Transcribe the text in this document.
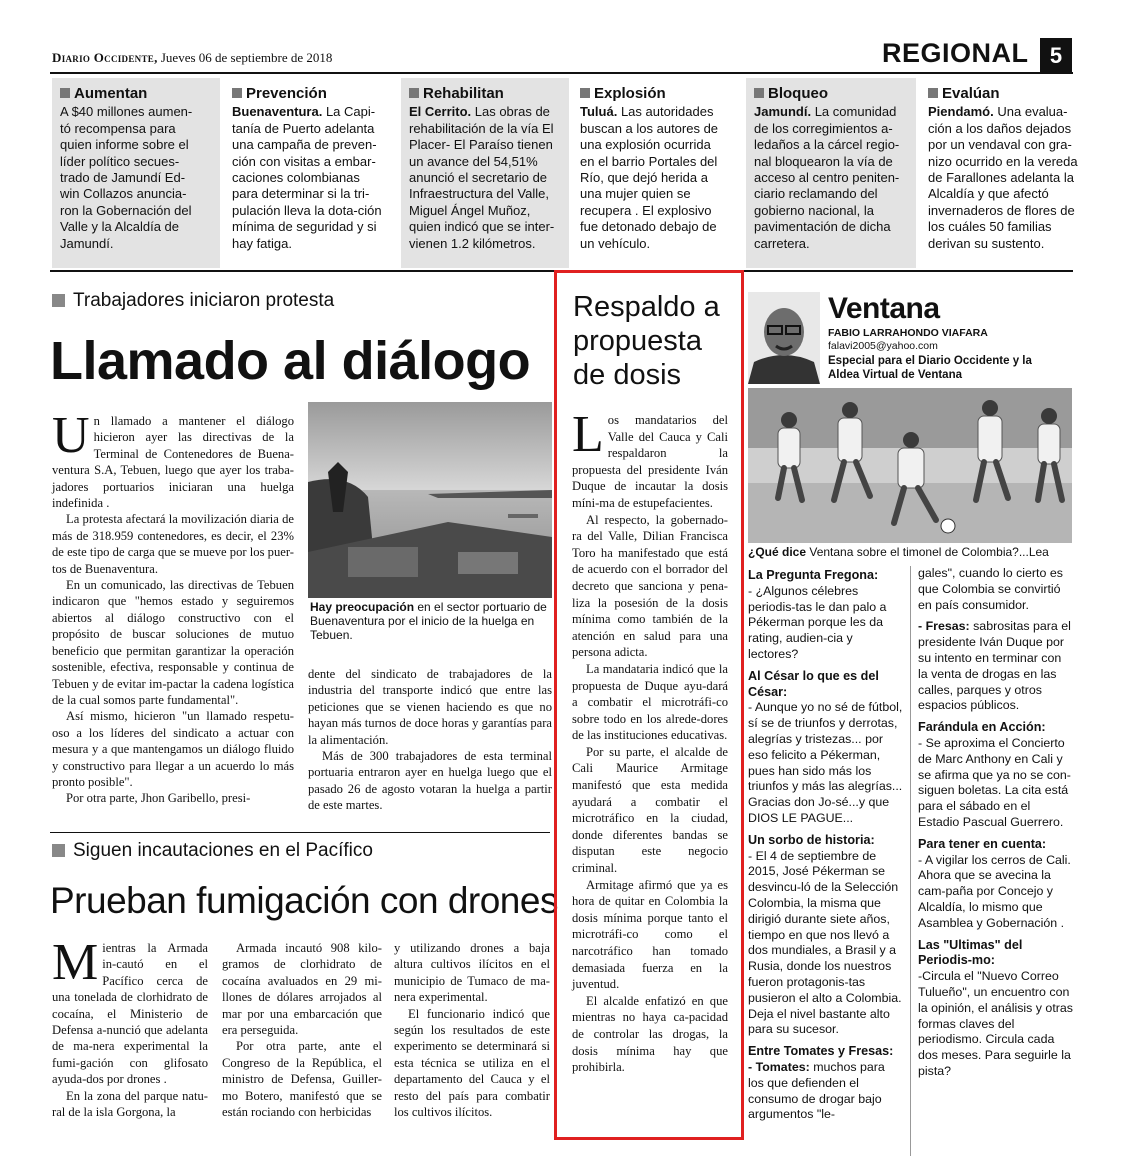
Diario Occidente, Jueves 06 de septiembre de 2018	REGIONAL 5
Aumentan
A $40 millones aumen-
tó recompensa para
quien informe sobre el
líder político secues-
trado de Jamundí Ed-
win Collazos anuncia-
ron la Gobernación del
Valle y la Alcaldía de
Jamundí.
Prevención
Buenaventura. La Capi-
tanía de Puerto adelanta
una campaña de preven-
ción con visitas a embar-
caciones colombianas
para determinar si la tri-
pulación lleva la dota-ción
mínima de seguridad y si
hay fatiga.
Rehabilitan
El Cerrito. Las obras de
rehabilitación de la vía El
Placer- El Paraíso tienen
un avance del 54,51%
anunció el secretario de
Infraestructura del Valle,
Miguel Ángel Muñoz,
quien indicó que se inter-
vienen 1.2 kilómetros.
Explosión
Tuluá. Las autoridades
buscan a los autores de
una explosión ocurrida
en el barrio Portales del
Río, que dejó herida a
una mujer quien se
recupera . El explosivo
fue detonado debajo de
un vehículo.
Bloqueo
Jamundí. La comunidad
de los corregimientos a-
ledaños a la cárcel regio-
nal bloquearon la vía de
acceso al centro peniten-
ciario reclamando del
gobierno nacional, la
pavimentación de dicha
carretera.
Evalúan
Piendamó. Una evalua-
ción a los daños dejados
por un vendaval con gra-
nizo ocurrido en la vereda
de Farallones adelanta la
Alcaldía y que afectó
invernaderos de flores de
los cuáles 50 familias
derivan su sustento.
Trabajadores iniciaron protesta
Llamado al diálogo
U n llamado a mantener el diálogo hicieron ayer las directivas de la Terminal de Contenedores de Buena-ventura S.A, Tebuen, luego que ayer los traba-jadores portuarios iniciaran una huelga indefinida .

La protesta afectará la movilización diaria de más de 318.959 contenedores, es decir, el 23% de este tipo de carga que se mueve por los puer-tos de Buenaventura.

En un comunicado, las directivas de Tebuen indicaron que "hemos estado y seguiremos abiertos al diálogo constructivo con el propósito de buscar soluciones de mutuo beneficio que permitan garantizar la operación sostenible, efectiva, responsable y continua de Tebuen y de evitar im-pactar la cadena logística de la cual somos parte fundamental".

Así mismo, hicieron "un llamado respetu-oso a los líderes del sindicato a actuar con mesura y a que mantengamos un diálogo fluido y constructivo para llegar a un acuerdo lo más pronto posible".

Por otra parte, Jhon Garibello, presi-

Hay preocupación en el sector portuario de Buenaventura por el inicio de la huelga en Tebuen.

dente del sindicato de trabajadores de la industria del transporte indicó que entre las peticiones que se vienen haciendo es que no hayan más turnos de doce horas y garantías para la alimentación.

Más de 300 trabajadores de esta terminal portuaria entraron ayer en huelga luego que el pasado 26 de agosto votaran la huelga a partir de este martes.

Siguen incautaciones en el Pacífico
Prueban fumigación con drones
M ientras la Armada in-cautó en el Pacífico cerca de una tonelada de clorhidrato de cocaína, el Ministerio de Defensa a-nunció que adelanta de ma-nera experimental la fumi-gación con glifosato ayuda-dos por drones .

En la zona del parque natu-ral de la isla Gorgona, la

Armada incautó 908 kilo-gramos de clorhidrato de cocaína avaluados en 29 mi-llones de dólares arrojados al mar por una embarcación que era perseguida.

Por otra parte, ante el Congreso de la República, el ministro de Defensa, Guiller-mo Botero, manifestó que se están rociando con herbicidas

y utilizando drones a baja altura cultivos ilícitos en el municipio de Tumaco de ma-nera experimental.

El funcionario indicó que según los resultados de este experimento se determinará si esta técnica se utiliza en el departamento del Cauca y el resto del país para combatir los cultivos ilícitos.

Respaldo a
propuesta
de dosis
L os mandatarios del Valle del Cauca y Cali respaldaron la propuesta del presidente Iván Duque de incautar la dosis míni-ma de estupefacientes.

Al respecto, la gobernado-ra del Valle, Dilian Francisca Toro ha manifestado que está de acuerdo con el borrador del decreto que sanciona y pena-liza la posesión de la dosis mínima como también de la atención en salud para una persona adicta.

La mandataria indicó que la propuesta de Duque ayu-dará a combatir el microtráfi-co sobre todo en los alrede-dores de las instituciones educativas.

Por su parte, el alcalde de Cali Maurice Armitage manifestó que esta medida ayudará a combatir el microtráfico en la ciudad, donde diferentes bandas se disputan este negocio criminal.

Armitage afirmó que ya es hora de quitar en Colombia la dosis mínima porque tanto el microtráfi-co como el narcotráfico han tomado demasiada fuerza en la juventud.

El alcalde enfatizó en que mientras no haya ca-pacidad de controlar las drogas, la dosis mínima hay que prohibirla.

Ventana
FABIO LARRAHONDO VIAFARA
falavi2005@yahoo.com
Especial para el Diario Occidente y la
Aldea Virtual de Ventana
¿Qué dice Ventana sobre el timonel de Colombia?...Lea
La Pregunta Fregona:

- ¿Algunos célebres periodis-tas le dan palo a Pékerman porque les da rating, audien-cia y lectores?

Al César lo que es del César:

- Aunque yo no sé de fútbol, sí se de triunfos y derrotas, alegrías y tristezas... por eso felicito a Pékerman, pues han sido más los triunfos y más las alegrías... Gracias don Jo-sé...y que DIOS LE PAGUE...

Un sorbo de historia:

- El 4 de septiembre de 2015, José Pékerman se desvincu-ló de la Selección Colombia, la misma que dirigió durante siete años, tiempo en que nos llevó a dos mundiales, a Brasil y a Rusia, donde los nuestros fueron protagonis-tas pusieron el alto a Colombia. Deja el nivel bastante alto para su sucesor.

Entre Tomates y Fresas:

- Tomates: muchos para los que defienden el consumo de drogar bajo argumentos "le-

gales", cuando lo cierto es que Colombia se convirtió en país consumidor.

- Fresas: sabrositas para el presidente Iván Duque por su intento en terminar con la venta de drogas en las calles, parques y otros espacios públicos.

Farándula en Acción:

- Se aproxima el Concierto de Marc Anthony en Cali y se afirma que ya no se con-siguen boletas. La cita está para el sábado en el Estadio Pascual Guerrero.

Para tener en cuenta:

- A vigilar los cerros de Cali. Ahora que se avecina la cam-paña por Concejo y Alcaldía, lo mismo que Asamblea y Gobernación .

Las "Ultimas" del Periodis-mo:

-Circula el "Nuevo Correo Tulueño", un encuentro con la opinión, el análisis y otras formas claves del periodismo. Circula cada dos meses. Para seguirle la pista?
